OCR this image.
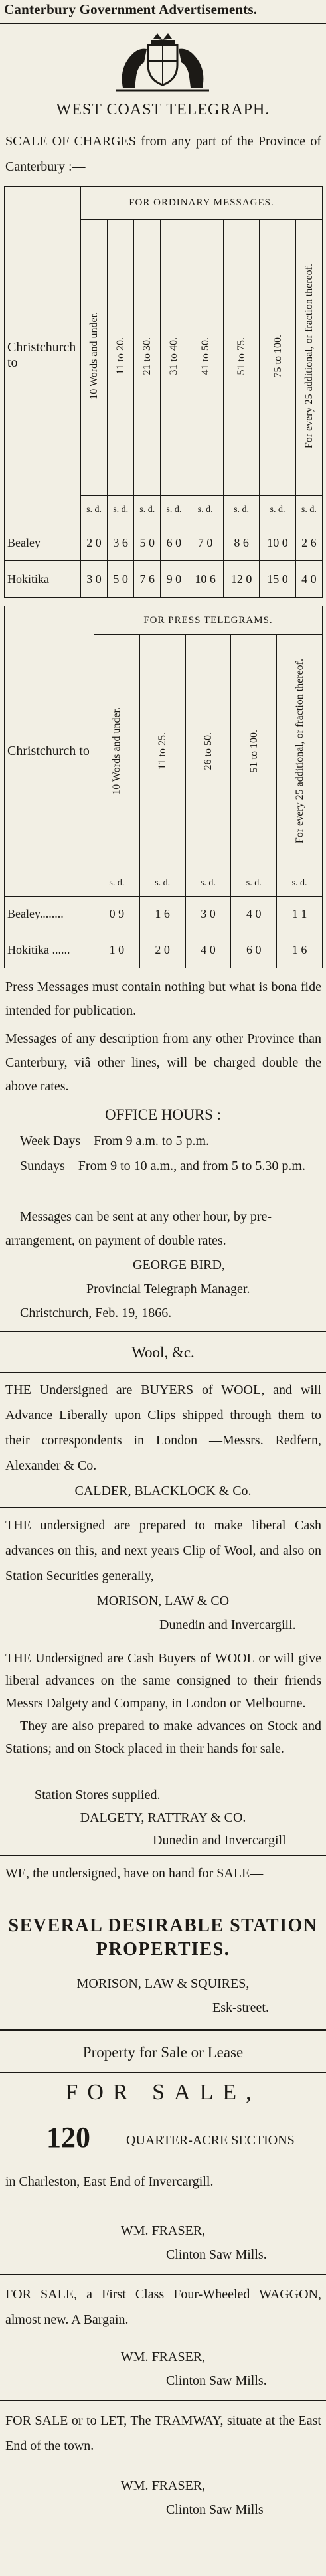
Canterbury Government Advertisements.
WEST COAST TELEGRAPH.
SCALE OF CHARGES from any part of the Province of Canterbury :—
Christchurch to	FOR ORDINARY MESSAGES.							
	10 Words and under.	11 to 20.	21 to 30.	31 to 40.	41 to 50.	51 to 75.	75 to 100.	For every 25 additional, or fraction thereof.
	s. d.	s. d.	s. d.	s. d.	s. d.	s. d.	s. d.	s. d.
Bealey	2 0	3 6	5 0	6 0	7 0	8 6	10 0	2 6
Hokitika	3 0	5 0	7 6	9 0	10 6	12 0	15 0	4 0
Christchurch to	FOR PRESS TELEGRAMS.				
	10 Words and under.	11 to 25.	26 to 50.	51 to 100.	For every 25 additional, or fraction thereof.
	s. d.	s. d.	s. d.	s. d.	s. d.
Bealey........	0 9	1 6	3 0	4 0	1 1
Hokitika ......	1 0	2 0	4 0	6 0	1 6
Press Messages must contain nothing but what is bona fide intended for publication.
Messages of any description from any other Province than Canterbury, viâ other lines, will be charged double the above rates.
OFFICE HOURS :
Week Days—From 9 a.m. to 5 p.m.
Sundays—From 9 to 10 a.m., and from 5 to 5.30 p.m.
Messages can be sent at any other hour, by pre-arrangement, on payment of double rates.
GEORGE BIRD,
Provincial Telegraph Manager.
Christchurch, Feb. 19, 1866.
Wool, &c.
THE Undersigned are BUYERS of WOOL, and will Advance Liberally upon Clips shipped through them to their correspondents in London —Messrs. Redfern, Alexander & Co.
CALDER, BLACKLOCK & Co.
THE undersigned are prepared to make liberal Cash advances on this, and next years Clip of Wool, and also on Station Securities generally,
MORISON, LAW & CO
Dunedin and Invercargill.
THE Undersigned are Cash Buyers of WOOL or will give liberal advances on the same consigned to their friends Messrs Dalgety and Company, in London or Melbourne.
They are also prepared to make advances on Stock and Stations; and on Stock placed in their hands for sale.
Station Stores supplied.
DALGETY, RATTRAY & CO.
Dunedin and Invercargill
WE, the undersigned, have on hand for SALE—
SEVERAL DESIRABLE STATION PROPERTIES.
MORISON, LAW & SQUIRES,
Esk-street.
Property for Sale or Lease
FOR SALE,
120	QUARTER-ACRE SECTIONS
in Charleston, East End of Invercargill.
WM. FRASER,
Clinton Saw Mills.
FOR SALE, a First Class Four-Wheeled WAGGON, almost new. A Bargain.
WM. FRASER,
Clinton Saw Mills.
FOR SALE or to LET, The TRAMWAY, situate at the East End of the town.
WM. FRASER,
Clinton Saw Mills
